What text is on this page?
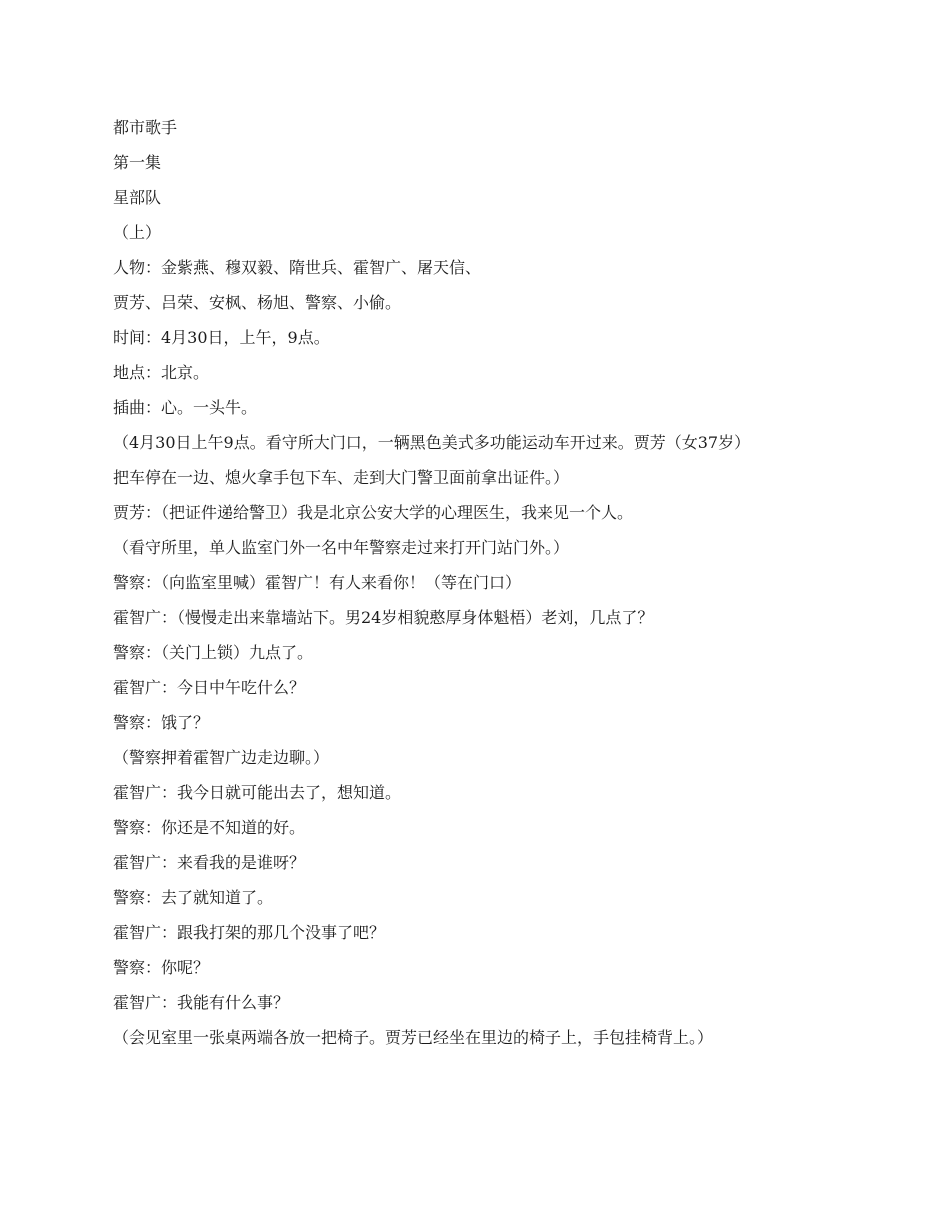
都市歌手

第一集

星部队

（上）

人物：金紫燕、穆双毅、隋世兵、霍智广、屠天信、

贾芳、吕荣、安枫、杨旭、警察、小偷。

时间：4月30日，上午，9点。

地点：北京。

插曲：心。一头牛。

（4月30日上午9点。看守所大门口，一辆黑色美式多功能运动车开过来。贾芳（女37岁）

把车停在一边、熄火拿手包下车、走到大门警卫面前拿出证件。）

贾芳：（把证件递给警卫）我是北京公安大学的心理医生，我来见一个人。

（看守所里，单人监室门外一名中年警察走过来打开门站门外。）

警察：（向监室里喊）霍智广！有人来看你！（等在门口）

霍智广：（慢慢走出来靠墙站下。男24岁相貌憨厚身体魁梧）老刘，几点了？

警察：（关门上锁）九点了。

霍智广：今日中午吃什么？

警察：饿了？

（警察押着霍智广边走边聊。）

霍智广：我今日就可能出去了，想知道。

警察：你还是不知道的好。

霍智广：来看我的是谁呀？

警察：去了就知道了。

霍智广：跟我打架的那几个没事了吧？

警察：你呢？

霍智广：我能有什么事？

（会见室里一张桌两端各放一把椅子。贾芳已经坐在里边的椅子上，手包挂椅背上。）
